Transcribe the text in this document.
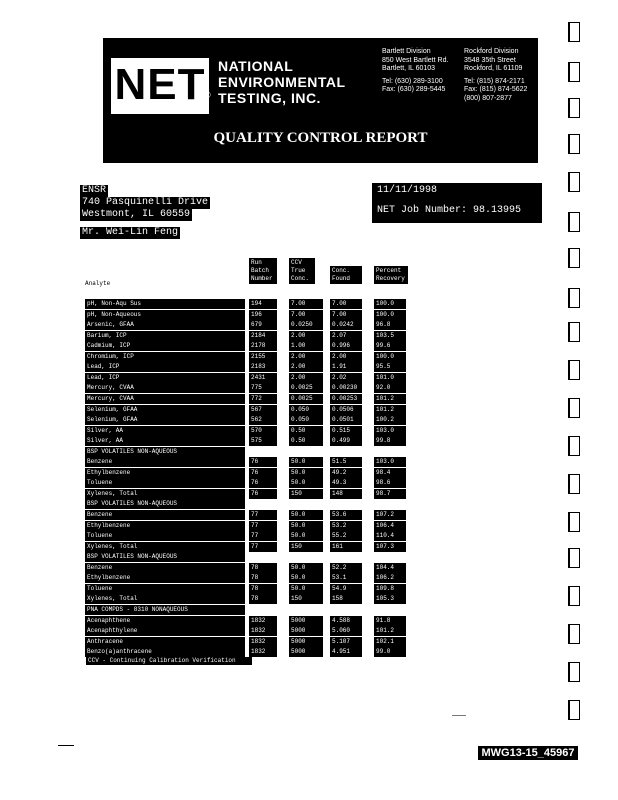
NET
®
NATIONAL
ENVIRONMENTAL
TESTING, INC.
Bartlett Division
850 West Bartlett Rd.
Bartlett, IL 60103
Tel: (630) 289-3100
Fax: (630) 289-5445
Rockford Division
3548 35th Street
Rockford, IL 61109
Tel: (815) 874-2171
Fax: (815) 874-5622
(800) 807-2877
QUALITY CONTROL REPORT
CONTINUING CALIBRATION VERIFICATION
ENSR
740 Pasquinelli Drive
Westmont, IL 60559
Mr. Wei-Lin Feng
11/11/1998
NET Job Number: 98.13995
Run
Batch
Number
CCV
True
Conc.
Conc.
Found
Percent
Recovery
Analyte
pH, Non-Aqu Sus	194	7.00	7.00	100.0
pH, Non-Aqueous	196	7.00	7.00	100.0
Arsenic, GFAA	679	0.0250	0.0242	96.8
Barium, ICP	2184	2.00	2.07	103.5
Cadmium, ICP	2178	1.00	0.996	99.6
Chromium, ICP	2155	2.00	2.00	100.0
Lead, ICP	2183	2.00	1.91	95.5
Lead, ICP	2431	2.00	2.02	101.0
Mercury, CVAA	775	0.0025	0.00230	92.0
Mercury, CVAA	772	0.0025	0.00253	101.2
Selenium, GFAA	567	0.050	0.0506	101.2
Selenium, GFAA	562	0.050	0.0501	100.2
Silver, AA	570	0.50	0.515	103.0
Silver, AA	575	0.50	0.499	99.8
BSP VOLATILES NON-AQUEOUS
Benzene	76	50.0	51.5	103.0
Ethylbenzene	76	50.0	49.2	98.4
Toluene	76	50.0	49.3	98.6
Xylenes, Total	76	150	148	98.7
BSP VOLATILES NON-AQUEOUS
Benzene	77	50.0	53.6	107.2
Ethylbenzene	77	50.0	53.2	106.4
Toluene	77	50.0	55.2	110.4
Xylenes, Total	77	150	161	107.3
BSP VOLATILES NON-AQUEOUS
Benzene	78	50.0	52.2	104.4
Ethylbenzene	78	50.0	53.1	106.2
Toluene	78	50.0	54.9	109.8
Xylenes, Total	78	150	158	105.3
PNA COMPDS - 8310 NONAQUEOUS
Acenaphthene	1832	5000	4.588	91.8
Acenaphthylene	1832	5000	5.060	101.2
Anthracene	1832	5000	5.107	102.1
Benzo(a)anthracene	1832	5000	4.951	99.0
CCV - Continuing Calibration Verification
MWG13-15_45967
